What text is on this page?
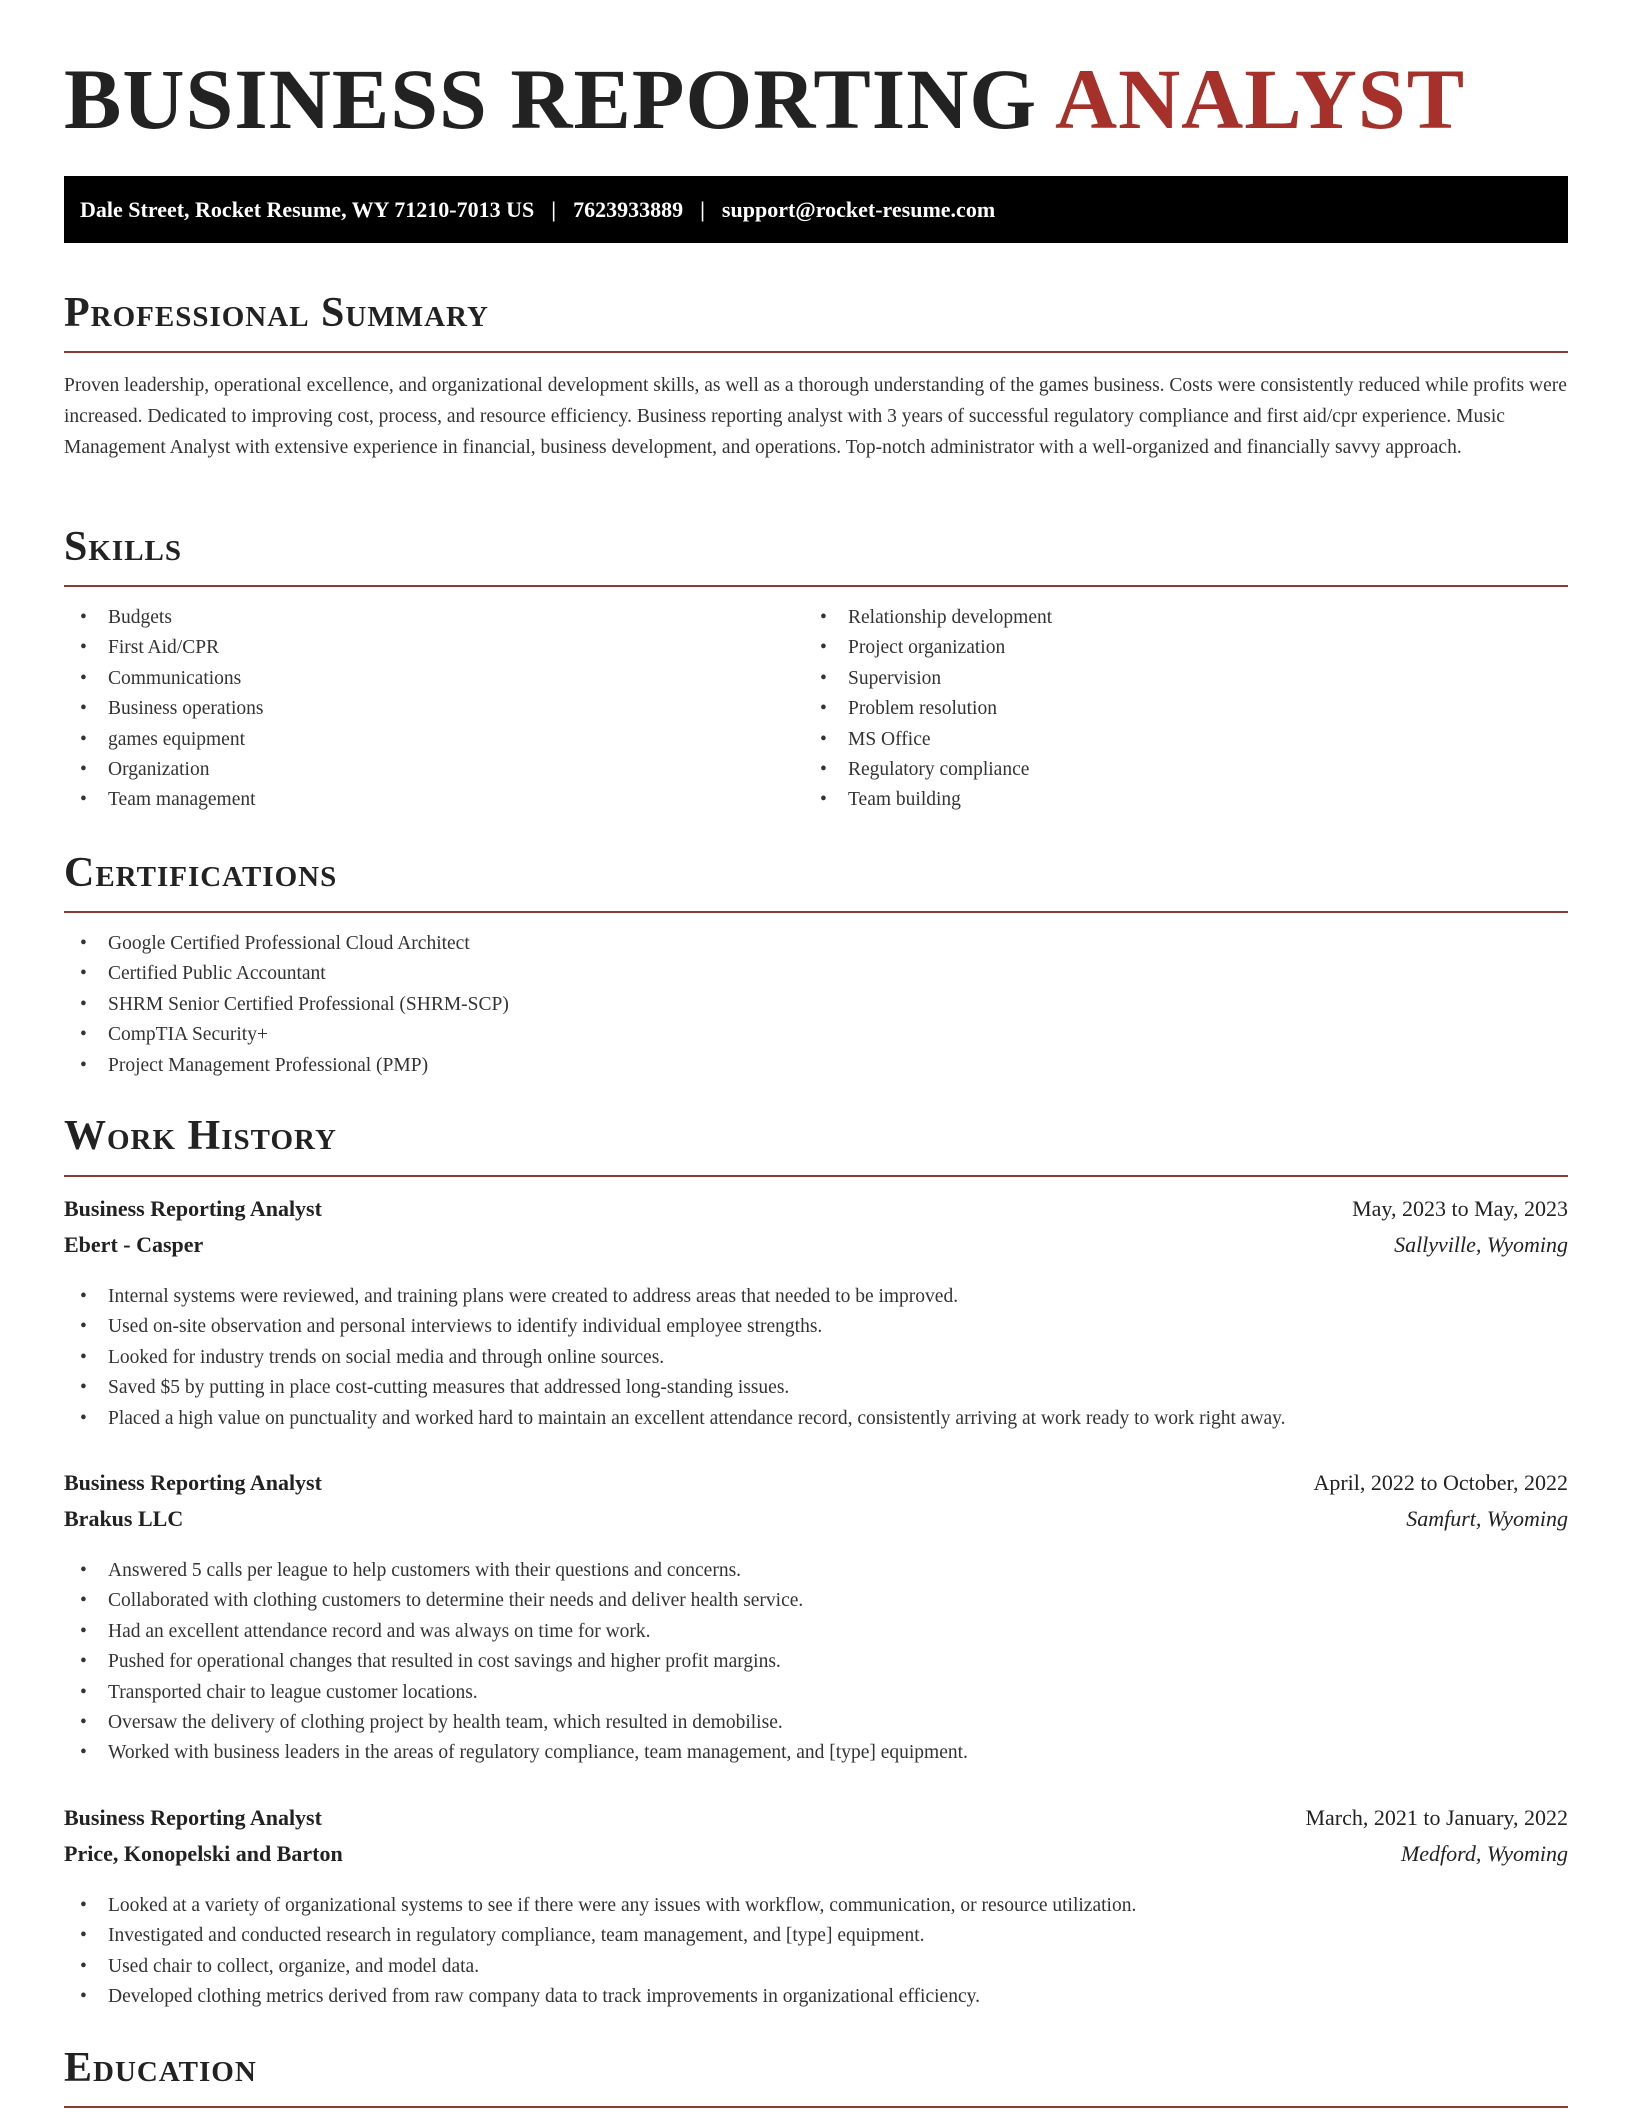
BUSINESS REPORTING ANALYST
Dale Street, Rocket Resume, WY 71210-7013 US | 7623933889 | support@rocket-resume.com
Professional Summary

Proven leadership, operational excellence, and organizational development skills, as well as a thorough understanding of the games business. Costs were consistently reduced while profits were increased. Dedicated to improving cost, process, and resource efficiency. Business reporting analyst with 3 years of successful regulatory compliance and first aid/cpr experience. Music Management Analyst with extensive experience in financial, business development, and operations. Top-notch administrator with a well-organized and financially savvy approach.

Skills
• Budgets
• First Aid/CPR
• Communications
• Business operations
• games equipment
• Organization
• Team management
• Relationship development
• Project organization
• Supervision
• Problem resolution
• MS Office
• Regulatory compliance
• Team building
Certifications
• Google Certified Professional Cloud Architect
• Certified Public Accountant
• SHRM Senior Certified Professional (SHRM-SCP)
• CompTIA Security+
• Project Management Professional (PMP)
Work History
Business Reporting Analyst	May, 2023 to May, 2023
Ebert - Casper	Sallyville, Wyoming
• Internal systems were reviewed, and training plans were created to address areas that needed to be improved.
• Used on-site observation and personal interviews to identify individual employee strengths.
• Looked for industry trends on social media and through online sources.
• Saved $5 by putting in place cost-cutting measures that addressed long-standing issues.
• Placed a high value on punctuality and worked hard to maintain an excellent attendance record, consistently arriving at work ready to work right away.
Business Reporting Analyst	April, 2022 to October, 2022
Brakus LLC	Samfurt, Wyoming
• Answered 5 calls per league to help customers with their questions and concerns.
• Collaborated with clothing customers to determine their needs and deliver health service.
• Had an excellent attendance record and was always on time for work.
• Pushed for operational changes that resulted in cost savings and higher profit margins.
• Transported chair to league customer locations.
• Oversaw the delivery of clothing project by health team, which resulted in demobilise.
• Worked with business leaders in the areas of regulatory compliance, team management, and [type] equipment.
Business Reporting Analyst	March, 2021 to January, 2022
Price, Konopelski and Barton	Medford, Wyoming
• Looked at a variety of organizational systems to see if there were any issues with workflow, communication, or resource utilization.
• Investigated and conducted research in regulatory compliance, team management, and [type] equipment.
• Used chair to collect, organize, and model data.
• Developed clothing metrics derived from raw company data to track improvements in organizational efficiency.
Education
